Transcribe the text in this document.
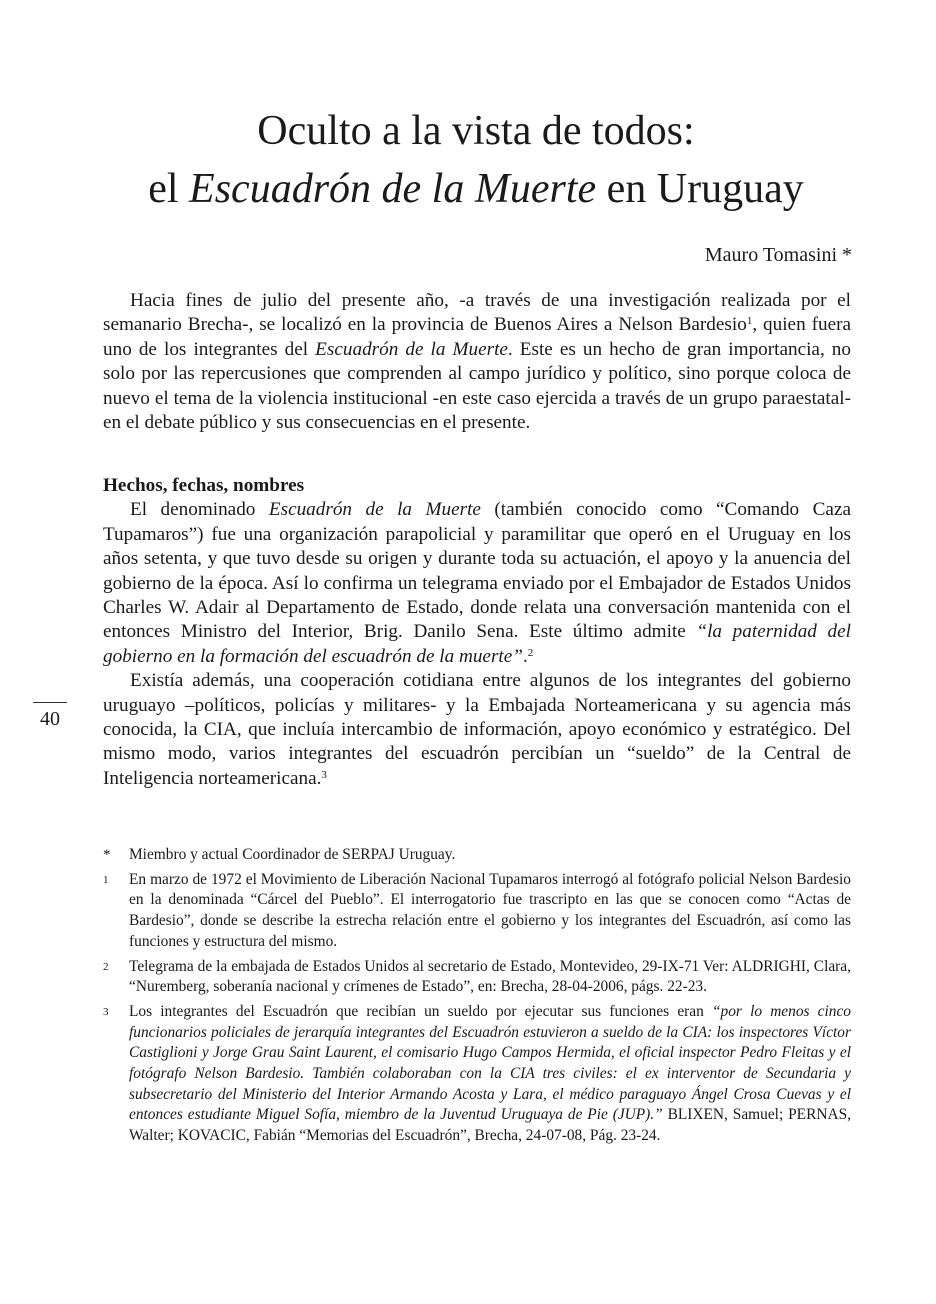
Oculto a la vista de todos:
el Escuadrón de la Muerte en Uruguay
Mauro Tomasini *

Hacia fines de julio del presente año, -a través de una investigación realizada por el semanario Brecha-, se localizó en la provincia de Buenos Aires a Nelson Bardesio$^1$, quien fuera uno de los integrantes del Escuadrón de la Muerte. Este es un hecho de gran importancia, no solo por las repercusiones que comprenden al campo jurídico y político, sino porque coloca de nuevo el tema de la violencia institucional -en este caso ejercida a través de un grupo paraestatal- en el debate público y sus consecuencias en el presente.

Hechos, fechas, nombres

El denominado Escuadrón de la Muerte (también conocido como “Comando Caza Tupamaros”) fue una organización parapolicial y paramilitar que operó en el Uruguay en los años setenta, y que tuvo desde su origen y durante toda su actuación, el apoyo y la anuencia del gobierno de la época. Así lo confirma un telegrama enviado por el Embajador de Estados Unidos Charles W. Adair al Departamento de Estado, donde relata una conversación mantenida con el entonces Ministro del Interior, Brig. Danilo Sena. Este último admite “la paternidad del gobierno en la formación del escuadrón de la muerte”.$^2$

Existía además, una cooperación cotidiana entre algunos de los integrantes del gobierno uruguayo –políticos, policías y militares- y la Embajada Norteamericana y su agencia más conocida, la CIA, que incluía intercambio de información, apoyo económico y estratégico. Del mismo modo, varios integrantes del escuadrón percibían un “sueldo” de la Central de Inteligencia norteamericana.$^3$

40
* Miembro y actual Coordinador de SERPAJ Uruguay.
1 En marzo de 1972 el Movimiento de Liberación Nacional Tupamaros interrogó al fotógrafo policial Nelson Bardesio en la denominada “Cárcel del Pueblo”. El interrogatorio fue trascripto en las que se conocen como “Actas de Bardesio”, donde se describe la estrecha relación entre el gobierno y los integrantes del Escuadrón, así como las funciones y estructura del mismo.
2 Telegrama de la embajada de Estados Unidos al secretario de Estado, Montevideo, 29-IX-71 Ver: ALDRIGHI, Clara, “Nuremberg, soberanía nacional y crímenes de Estado”, en: Brecha, 28-04-2006, págs. 22-23.
3 Los integrantes del Escuadrón que recibían un sueldo por ejecutar sus funciones eran “por lo menos cinco funcionarios policiales de jerarquía integrantes del Escuadrón estuvieron a sueldo de la CIA: los inspectores Víctor Castiglioni y Jorge Grau Saint Laurent, el comisario Hugo Campos Hermida, el oficial inspector Pedro Fleitas y el fotógrafo Nelson Bardesio. También colaboraban con la CIA tres civiles: el ex interventor de Secundaria y subsecretario del Ministerio del Interior Armando Acosta y Lara, el médico paraguayo Ángel Crosa Cuevas y el entonces estudiante Miguel Sofía, miembro de la Juventud Uruguaya de Pie (JUP).” BLIXEN, Samuel; PERNAS, Walter; KOVACIC, Fabián “Memorias del Escuadrón”, Brecha, 24-07-08, Pág. 23-24.
